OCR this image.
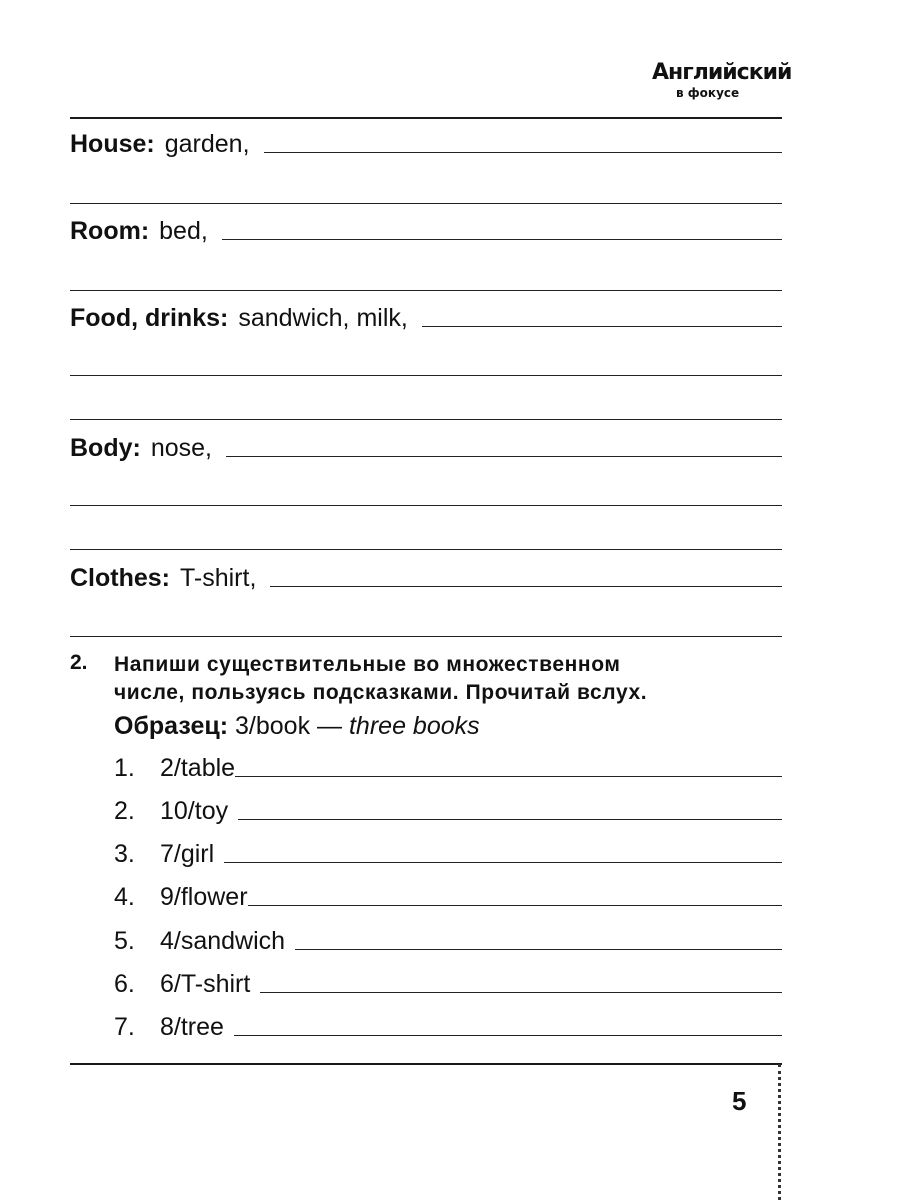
Английский
в фокусе
House: garden,
Room: bed,
Food, drinks: sandwich, milk,
Body: nose,
Clothes: T-shirt,
2. Напиши существительные во множественном
числе, пользуясь подсказками. Прочитай вслух.
Образец: 3/book — three books
1.	2/table
2.	10/toy
3.	7/girl
4.	9/flower
5.	4/sandwich
6.	6/T-shirt
7.	8/tree
5
